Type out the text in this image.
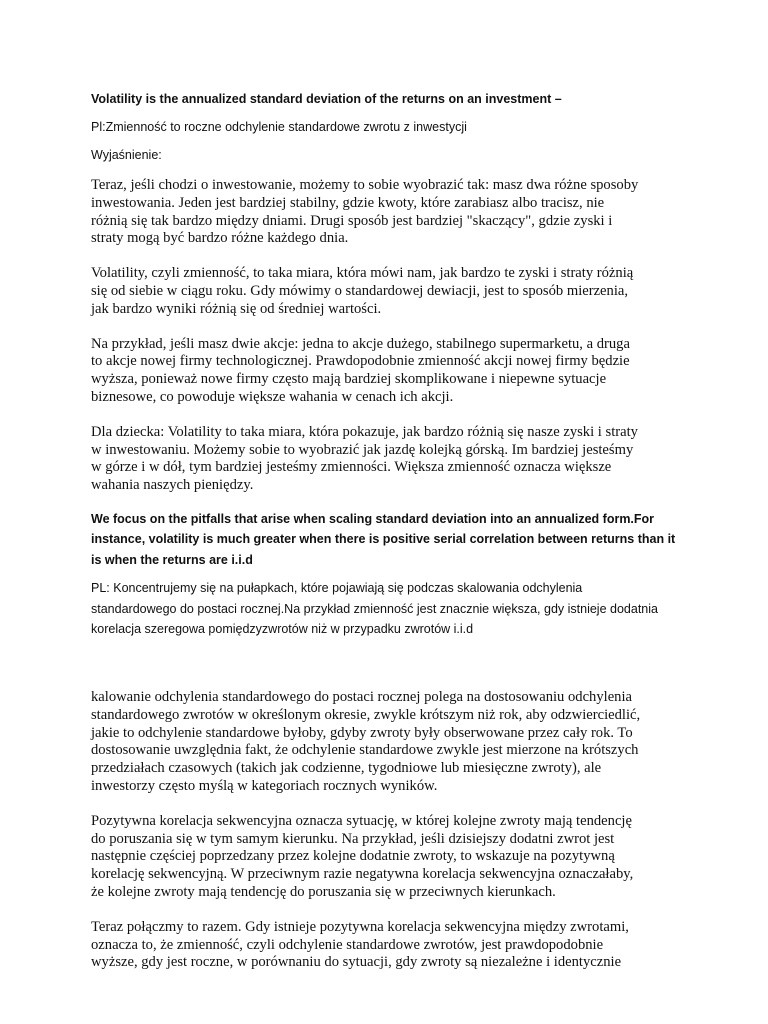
Volatility is the annualized standard deviation of the returns on an investment –

Pl:Zmienność to roczne odchylenie standardowe zwrotu z inwestycji

Wyjaśnienie:

Teraz, jeśli chodzi o inwestowanie, możemy to sobie wyobrazić tak: masz dwa różne sposoby
inwestowania. Jeden jest bardziej stabilny, gdzie kwoty, które zarabiasz albo tracisz, nie
różnią się tak bardzo między dniami. Drugi sposób jest bardziej "skaczący", gdzie zyski i
straty mogą być bardzo różne każdego dnia.

Volatility, czyli zmienność, to taka miara, która mówi nam, jak bardzo te zyski i straty różnią
się od siebie w ciągu roku. Gdy mówimy o standardowej dewiacji, jest to sposób mierzenia,
jak bardzo wyniki różnią się od średniej wartości.

Na przykład, jeśli masz dwie akcje: jedna to akcje dużego, stabilnego supermarketu, a druga
to akcje nowej firmy technologicznej. Prawdopodobnie zmienność akcji nowej firmy będzie
wyższa, ponieważ nowe firmy często mają bardziej skomplikowane i niepewne sytuacje
biznesowe, co powoduje większe wahania w cenach ich akcji.

Dla dziecka: Volatility to taka miara, która pokazuje, jak bardzo różnią się nasze zyski i straty
w inwestowaniu. Możemy sobie to wyobrazić jak jazdę kolejką górską. Im bardziej jesteśmy
w górze i w dół, tym bardziej jesteśmy zmienności. Większa zmienność oznacza większe
wahania naszych pieniędzy.

We focus on the pitfalls that arise when scaling standard deviation into an annualized form.For
instance, volatility is much greater when there is positive serial correlation between returns than it
is when the returns are i.i.d

PL: Koncentrujemy się na pułapkach, które pojawiają się podczas skalowania odchylenia
standardowego do postaci rocznej.Na przykład zmienność jest znacznie większa, gdy istnieje dodatnia
korelacja szeregowa pomiędzyzwrotów niż w przypadku zwrotów i.i.d

kalowanie odchylenia standardowego do postaci rocznej polega na dostosowaniu odchylenia
standardowego zwrotów w określonym okresie, zwykle krótszym niż rok, aby odzwierciedlić,
jakie to odchylenie standardowe byłoby, gdyby zwroty były obserwowane przez cały rok. To
dostosowanie uwzględnia fakt, że odchylenie standardowe zwykle jest mierzone na krótszych
przedziałach czasowych (takich jak codzienne, tygodniowe lub miesięczne zwroty), ale
inwestorzy często myślą w kategoriach rocznych wyników.

Pozytywna korelacja sekwencyjna oznacza sytuację, w której kolejne zwroty mają tendencję
do poruszania się w tym samym kierunku. Na przykład, jeśli dzisiejszy dodatni zwrot jest
następnie częściej poprzedzany przez kolejne dodatnie zwroty, to wskazuje na pozytywną
korelację sekwencyjną. W przeciwnym razie negatywna korelacja sekwencyjna oznaczałaby,
że kolejne zwroty mają tendencję do poruszania się w przeciwnych kierunkach.

Teraz połączmy to razem. Gdy istnieje pozytywna korelacja sekwencyjna między zwrotami,
oznacza to, że zmienność, czyli odchylenie standardowe zwrotów, jest prawdopodobnie
wyższe, gdy jest roczne, w porównaniu do sytuacji, gdy zwroty są niezależne i identycznie
